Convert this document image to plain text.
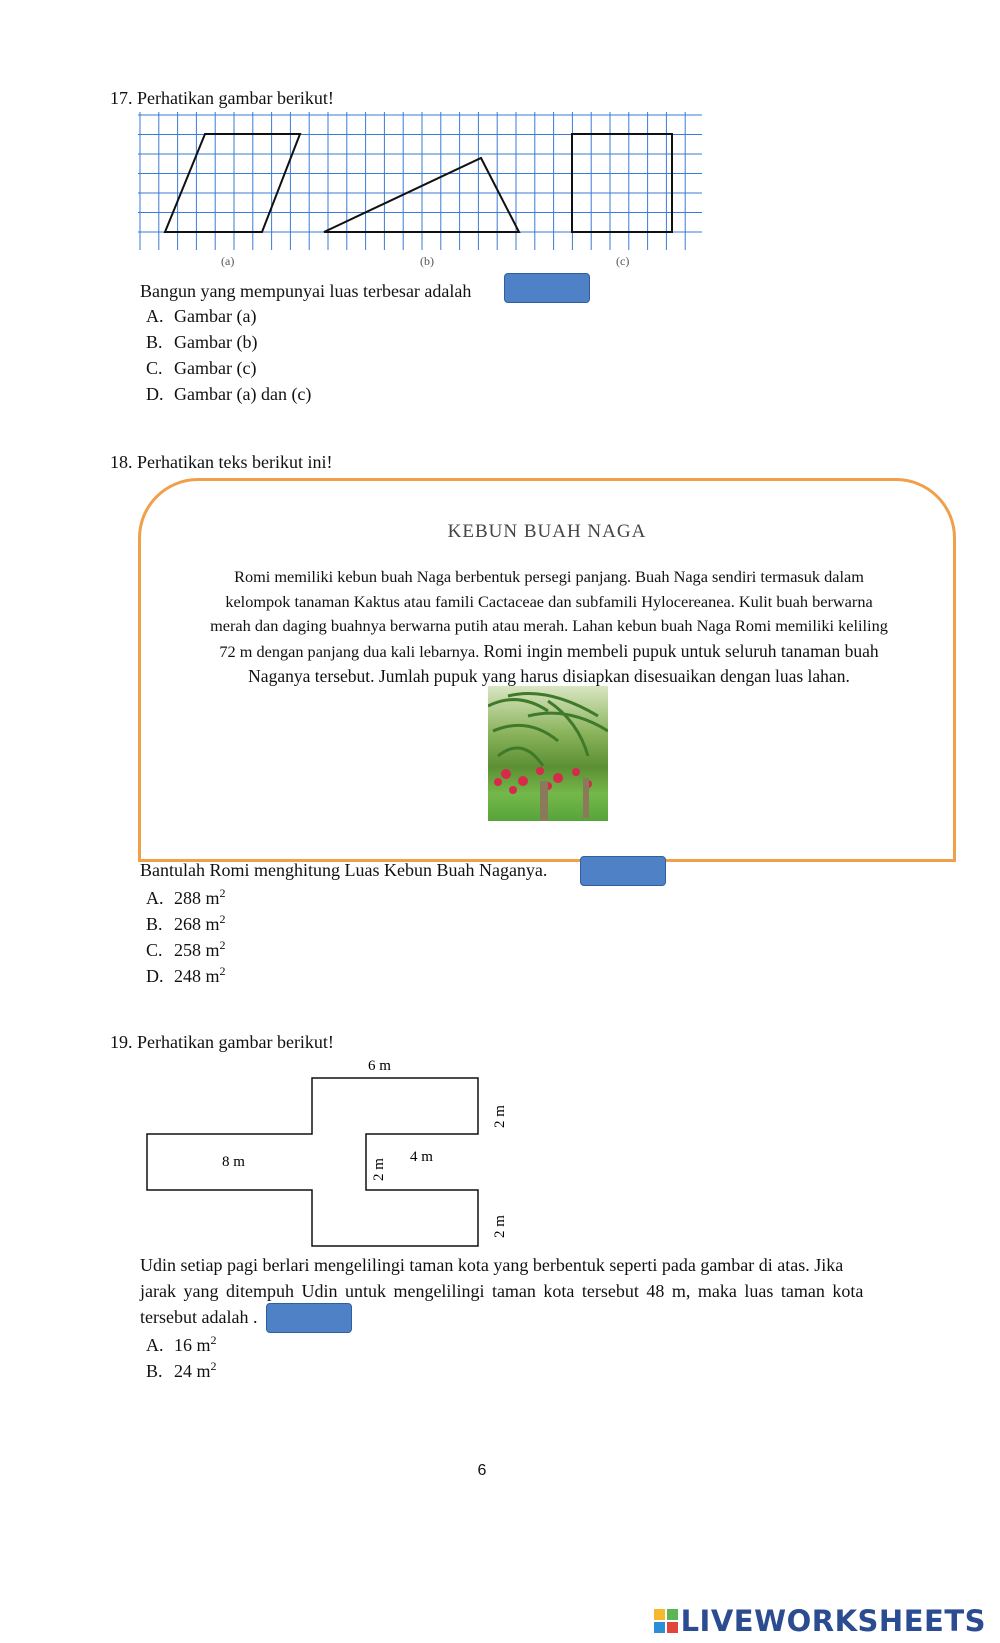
17. Perhatikan gambar berikut!
(a)	(b)	(c)
Bangun yang mempunyai luas terbesar adalah
A. Gambar (a)
B. Gambar (b)
C. Gambar (c)
D. Gambar (a) dan (c)
18. Perhatikan teks berikut ini!
KEBUN BUAH NAGA
Romi memiliki kebun buah Naga berbentuk persegi panjang. Buah Naga sendiri termasuk dalam
kelompok tanaman Kaktus atau famili Cactaceae dan subfamili Hylocereanea. Kulit buah berwarna
merah dan daging buahnya berwarna putih atau merah. Lahan kebun buah Naga Romi memiliki keliling
72 m dengan panjang dua kali lebarnya. Romi ingin membeli pupuk untuk seluruh tanaman buah
Naganya tersebut. Jumlah pupuk yang harus disiapkan disesuaikan dengan luas lahan.
Bantulah Romi menghitung Luas Kebun Buah Naganya.
A. 288 $m^2$
B. 268 $m^2$
C. 258 $m^2$
D. 248 $m^2$
19. Perhatikan gambar berikut!
6 m
8 m	4 m
2 m
2 m
2 m
Udin setiap pagi berlari mengelilingi taman kota yang berbentuk seperti pada gambar di atas. Jika
jarak yang ditempuh Udin untuk mengelilingi taman kota tersebut 48 m, maka luas taman kota
tersebut adalah .
A. 16 $m^2$
B. 24 $m^2$
6
LIVEWORKSHEETS
